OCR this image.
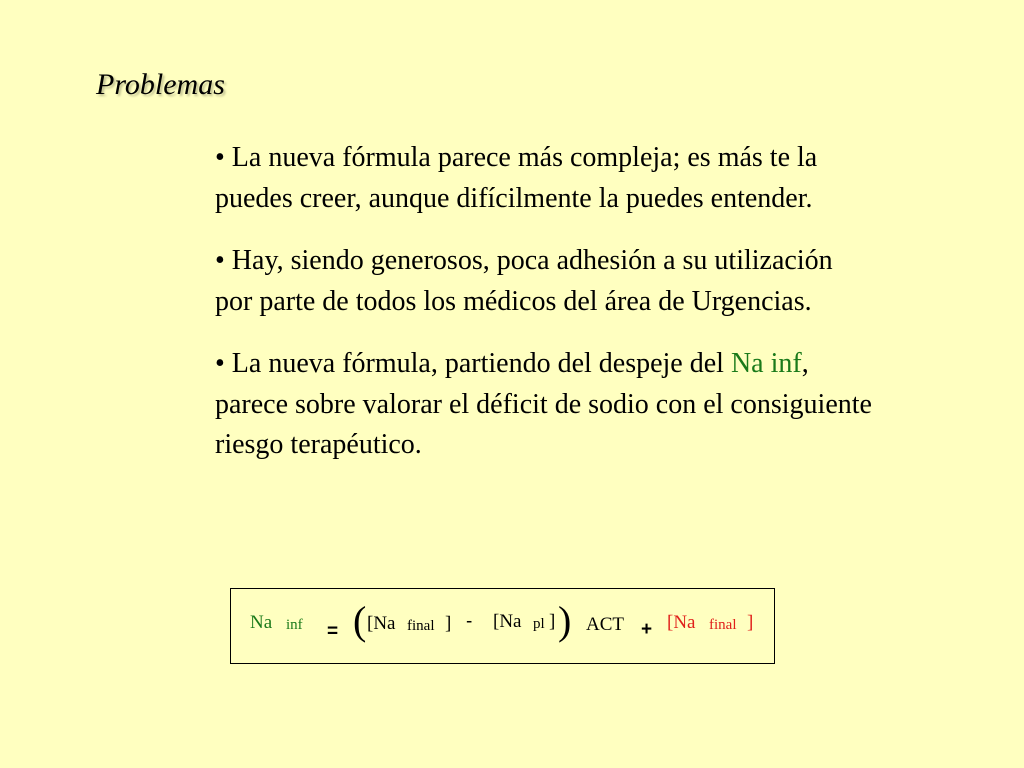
Problemas

• La nueva fórmula parece más compleja; es más te la puedes creer, aunque difícilmente la puedes entender.

• Hay, siendo generosos, poca adhesión a su utilización por parte de todos los médicos del área de Urgencias.

• La nueva fórmula, partiendo del despeje del Na inf, parece sobre valorar el déficit de sodio con el consiguiente riesgo terapéutico.

Na inf = ( [Na final ] - [Na pl ] ) ACT + [Na final ]
